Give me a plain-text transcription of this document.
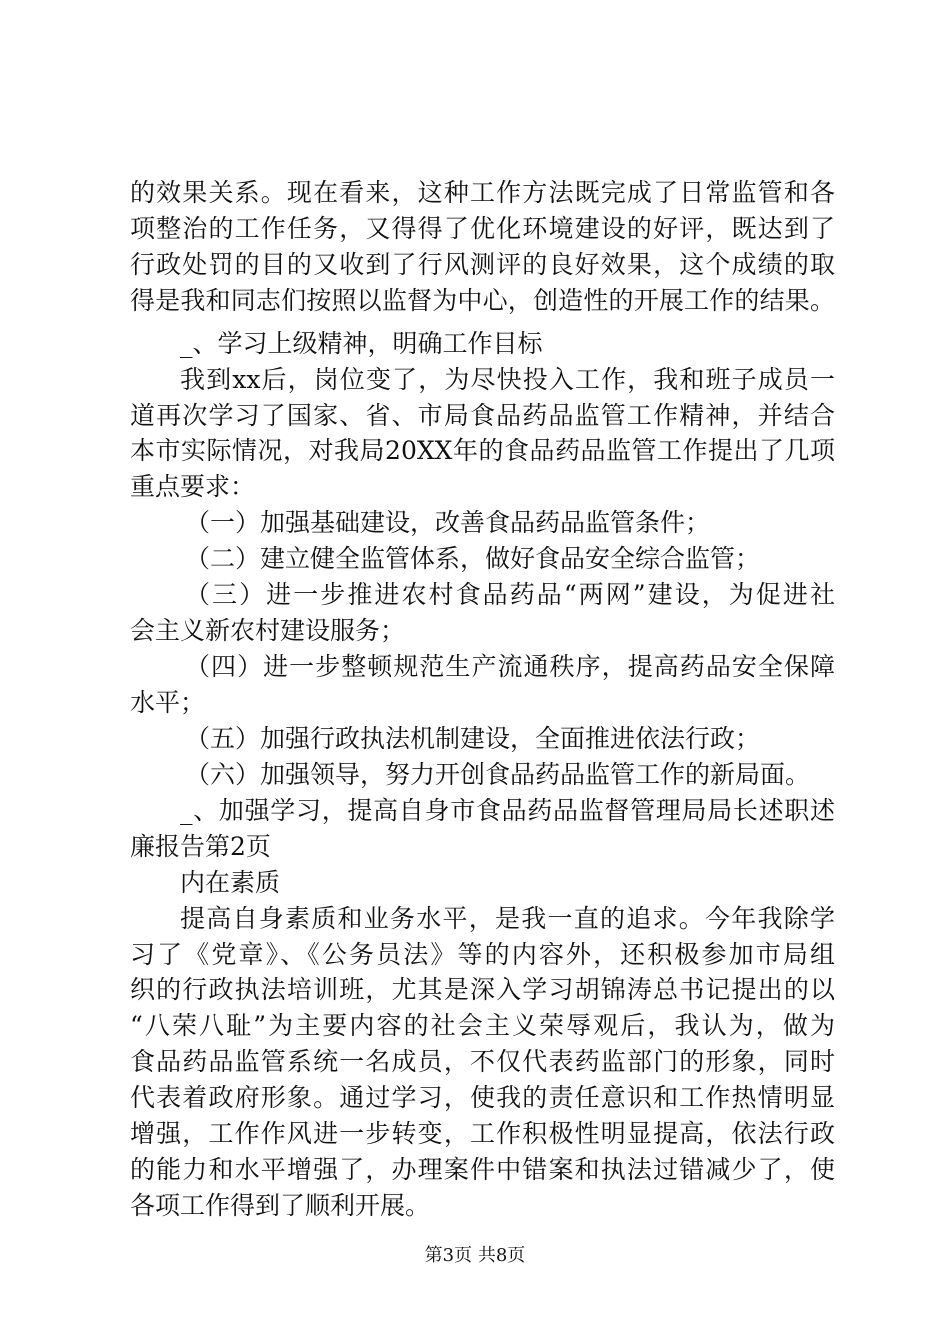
的效果关系。现在看来，这种工作方法既完成了日常监管和各
项整治的工作任务，又得得了优化环境建设的好评，既达到了
行政处罚的目的又收到了行风测评的良好效果，这个成绩的取
得是我和同志们按照以监督为中心，创造性的开展工作的结果。
_、学习上级精神，明确工作目标
我到xx后，岗位变了，为尽快投入工作，我和班子成员一
道再次学习了国家、省、市局食品药品监管工作精神，并结合
本市实际情况，对我局20XX年的食品药品监管工作提出了几项
重点要求：
（一）加强基础建设，改善食品药品监管条件；
（二）建立健全监管体系，做好食品安全综合监管；
（三）进一步推进农村食品药品“两网”建设，为促进社
会主义新农村建设服务；
（四）进一步整顿规范生产流通秩序，提高药品安全保障
水平；
（五）加强行政执法机制建设，全面推进依法行政；
（六）加强领导，努力开创食品药品监管工作的新局面。
_、加强学习，提高自身市食品药品监督管理局局长述职述
廉报告第2页
内在素质
提高自身素质和业务水平，是我一直的追求。今年我除学
习了《党章》、《公务员法》等的内容外，还积极参加市局组
织的行政执法培训班，尤其是深入学习胡锦涛总书记提出的以
“八荣八耻”为主要内容的社会主义荣辱观后，我认为，做为
食品药品监管系统一名成员，不仅代表药监部门的形象，同时
代表着政府形象。通过学习，使我的责任意识和工作热情明显
增强，工作作风进一步转变，工作积极性明显提高，依法行政
的能力和水平增强了，办理案件中错案和执法过错减少了，使
各项工作得到了顺利开展。
第3页 共8页
